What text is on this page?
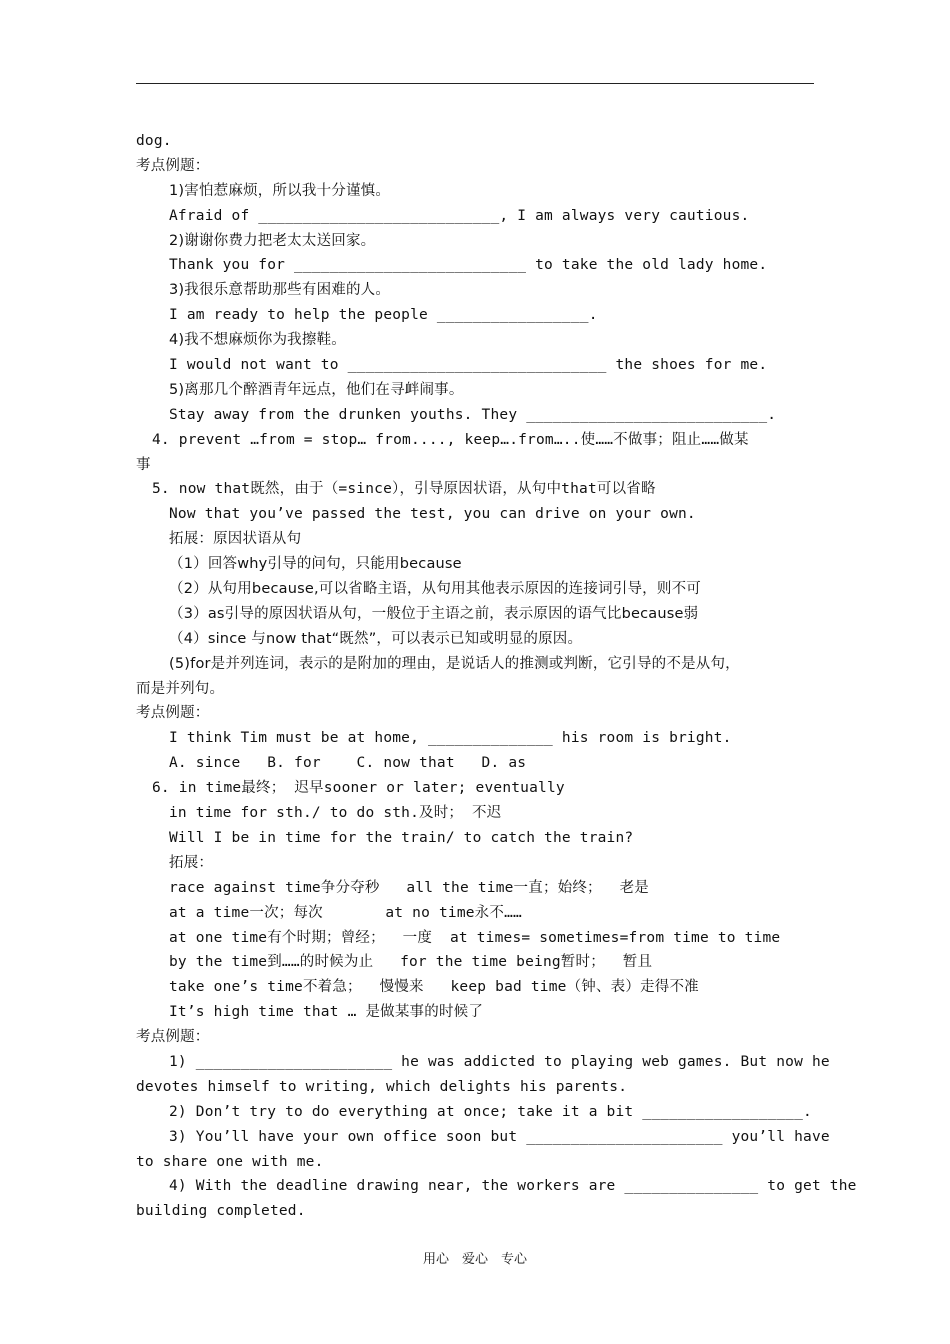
dog.
考点例题：
1)害怕惹麻烦，所以我十分谨慎。
Afraid of ___________________________, I am always very cautious.
2)谢谢你费力把老太太送回家。
Thank you for __________________________ to take the old lady home.
3)我很乐意帮助那些有困难的人。
I am ready to help the people _________________.
4)我不想麻烦你为我擦鞋。
I would not want to _____________________________ the shoes for me.
5)离那几个醉酒青年远点，他们在寻衅闹事。
Stay away from the drunken youths. They ___________________________.
4. prevent …from = stop… from...., keep….from…..使……不做事；阻止……做某
事
5. now that既然，由于（=since），引导原因状语，从句中that可以省略
Now that you’ve passed the test, you can drive on your own.
拓展：原因状语从句
（1）回答why引导的问句，只能用because
（2）从句用because,可以省略主语，从句用其他表示原因的连接词引导，则不可
（3）as引导的原因状语从句，一般位于主语之前，表示原因的语气比because弱
（4）since 与now that“既然”，可以表示已知或明显的原因。
(5)for是并列连词，表示的是附加的理由，是说话人的推测或判断，它引导的不是从句，
而是并列句。
考点例题：
I think Tim must be at home, ______________ his room is bright.
A. since   B. for    C. now that   D. as
6. in time最终； 迟早sooner or later; eventually
in time for sth./ to do sth.及时； 不迟
Will I be in time for the train/ to catch the train?
拓展：
race against time争分夺秒   all the time一直；始终；  老是
at a time一次；每次       at no time永不……
at one time有个时期；曾经；  一度  at times= sometimes=from time to time
by the time到……的时候为止   for the time being暂时；  暂且
take one’s time不着急；  慢慢来   keep bad time（钟、表）走得不准
It’s high time that … 是做某事的时候了
考点例题：
1) ______________________ he was addicted to playing web games. But now he
devotes himself to writing, which delights his parents.
2) Don’t try to do everything at once; take it a bit __________________.
3) You’ll have your own office soon but ______________________ you’ll have
to share one with me.
4) With the deadline drawing near, the workers are _______________ to get the
building completed.
用心　爱心　专心
